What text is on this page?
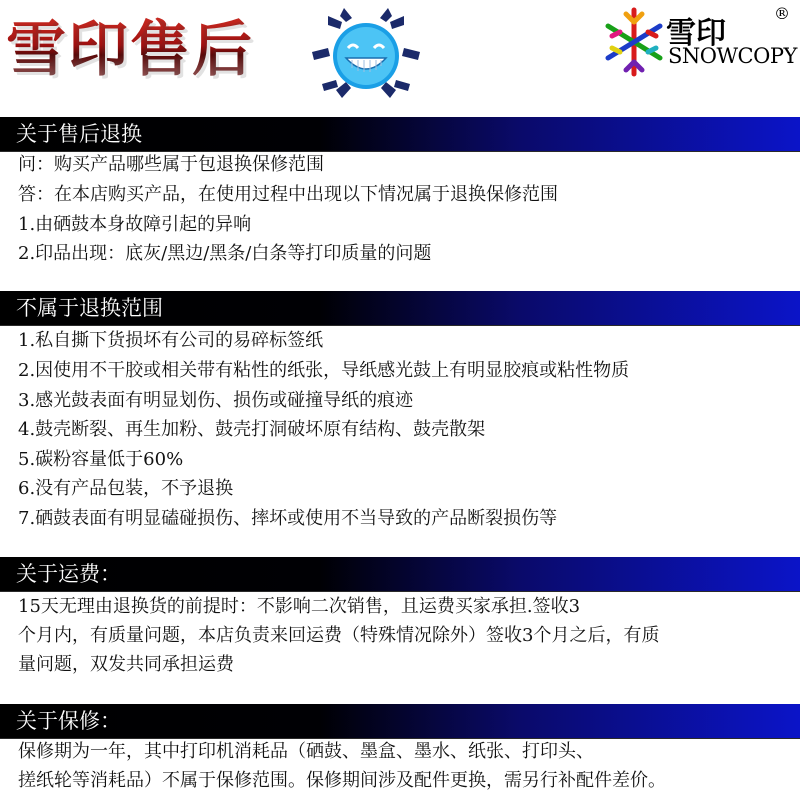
雪印售后	雪印
SNOWCOPY
®
关于售后退换
问：购买产品哪些属于包退换保修范围
答：在本店购买产品，在使用过程中出现以下情况属于退换保修范围
1.由硒鼓本身故障引起的异响
2.印品出现：底灰/黑边/黑条/白条等打印质量的问题
不属于退换范围
1.私自撕下货损坏有公司的易碎标签纸
2.因使用不干胶或相关带有粘性的纸张，导纸感光鼓上有明显胶痕或粘性物质
3.感光鼓表面有明显划伤、损伤或碰撞导纸的痕迹
4.鼓壳断裂、再生加粉、鼓壳打洞破坏原有结构、鼓壳散架
5.碳粉容量低于60%
6.没有产品包装，不予退换
7.硒鼓表面有明显磕碰损伤、摔坏或使用不当导致的产品断裂损伤等
关于运费：
15天无理由退换货的前提时：不影响二次销售，且运费买家承担.签收3
个月内，有质量问题，本店负责来回运费（特殊情况除外）签收3个月之后，有质
量问题，双发共同承担运费
关于保修：
保修期为一年，其中打印机消耗品（硒鼓、墨盒、墨水、纸张、打印头、
搓纸轮等消耗品）不属于保修范围。保修期间涉及配件更换，需另行补配件差价。
